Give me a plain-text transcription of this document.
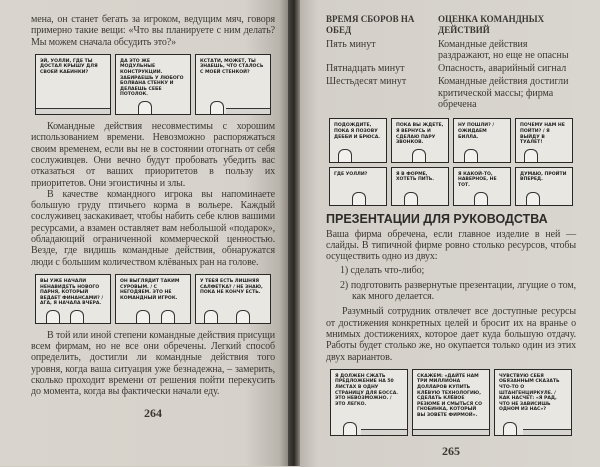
мена, он станет бегать за игроком, ведущим мяч, говоря примерно такие вещи: «Что вы планируете с ним делать? Мы можем сначала обсудить это?»
ЭЙ, УОЛЛИ, ГДЕ ТЫ ДОСТАЛ КРЫШУ ДЛЯ СВОЕЙ КАБИНКИ?
ДА ЭТО ЖЕ МОДУЛЬНЫЕ КОНСТРУКЦИИ. ЗАБИРАЕШЬ У ЛЮБОГО БОЛВАНА СТЕНКУ И ДЕЛАЕШЬ СЕБЕ ПОТОЛОК.
КСТАТИ, МОЖЕТ, ТЫ ЗНАЕШЬ, ЧТО СТАЛОСЬ С МОЕЙ СТЕНКОЙ?

Командные действия несовместимы с хорошим использованием времени. Невозможно распоряжаться своим временем, если вы не в состоянии отогнать от себя сослуживцев. Они вечно будут пробовать убедить вас отказаться от ваших приоритетов в пользу их приоритетов. Они эгоистичны и злы.

В качестве командного игрока вы напоминаете большую груду птичьего корма в вольере. Каждый сослуживец заскакивает, чтобы набить себе клюв вашими ресурсами, а взамен оставляет вам небольшой «подарок», обладающий ограниченной коммерческой ценностью. Везде, где видишь командные действия, обнаружатся люди с большим количеством клёваных ран на голове.

ВЫ УЖЕ НАЧАЛИ НЕНАВИДЕТЬ НОВОГО ПАРНЯ, КОТОРЫЙ ВЕДАЕТ ФИНАНСАМИ? / АГА, Я НАЧАЛА ВЧЕРА.
ОН ВЫГЛЯДИТ ТАКИМ СУРОВЫМ. / С НЕГОДЯЕМ. ЭТО НЕ КОМАНДНЫЙ ИГРОК.
У ТЕБЯ ЕСТЬ ЛИШНЯЯ САЛФЕТКА? / НЕ ЗНАЮ, ПОКА НЕ КОНЧУ ЕСТЬ.
В той или иной степени командные действия присущи всем фирмам, но не все они обречены. Легкий способ определить, достигли ли командные действия того уровня, когда ваша ситуация уже безнадежна, – замерить, сколько проходит времени от решения пойти перекусить до момента, когда вы фактически начали еду.
264
ВРЕМЯ СБОРОВ НА ОБЕД	ОЦЕНКА КОМАНДНЫХ ДЕЙСТВИЙ
Пять минут	Командные действия раздражают, но еще не опасны
Пятнадцать минут	Опасность, аварийный сигнал
Шестьдесят минут	Командные действия достигли критической массы; фирма обречена
ПОДОЖДИТЕ, ПОКА Я ПОЗОВУ ДЕББИ И БРЮСА.
ПОКА ВЫ ЖДЕТЕ, Я ВЕРНУСЬ И СДЕЛАЮ ПАРУ ЗВОНКОВ.
НУ ПОШЛИ? / ОЖИДАЕМ БИЛЛА.
ПОЧЕМУ НАМ НЕ ПОЙТИ? / Я ВЫЙДУ В ТУАЛЕТ!
ГДЕ УОЛЛИ?	Я В ФОРМЕ, ХОТЕТЬ ПИТЬ.
Я КАКОЙ-ТО, НАВЕРНОЕ, НЕ ТОТ.
ДУМАЮ, ПРОЙТИ ВПЕРЕД.
ПРЕЗЕНТАЦИИ ДЛЯ РУКОВОДСТВА

Ваша фирма обречена, если главное изделие в ней — слайды. В типичной фирме ровно столько ресурсов, чтобы осуществить одно из двух:

1) сделать что-либо;

2) подготовить развернутые презентации, лгущие о том, как много делается.

Разумный сотрудник отвлечет все доступные ресурсы от достижения конкретных целей и бросит их на вранье о мнимых достижениях, которое дает куда большую отдачу. Работы будет столько же, но окупается только один из этих двух вариантов.

Я ДОЛЖЕН СЖАТЬ ПРЕДЛОЖЕНИЕ НА 50 ЛИСТАХ В ОДНУ СТРАНИЦУ ДЛЯ БОССА. ЭТО НЕВОЗМОЖНО. / ЭТО ЛЕГКО.
СКАЖЕМ: «ДАЙТЕ НАМ ТРИ МИЛЛИОНА ДОЛЛАРОВ КУПИТЬ КЛЁВУЮ ТЕХНОЛОГИЮ, СДЕЛАТЬ КЛЁВОЕ РЕЗЮМЕ И СМЫТЬСЯ СО ГНОБИНКА, КОТОРЫЙ ВЫ ЗОВЕТЕ ФИРМОЙ».
ЧУВСТВУЮ СЕБЯ ОБЯЗАННЫМ СКАЗАТЬ ЧТО-ТО О ШТАНГЕНЦИРКУЛЕ. / КАК НАСЧЕТ: «Я РАД, ЧТО НЕ ЗАВИСИШЬ ОДНОМ ИЗ НАС»?
265
